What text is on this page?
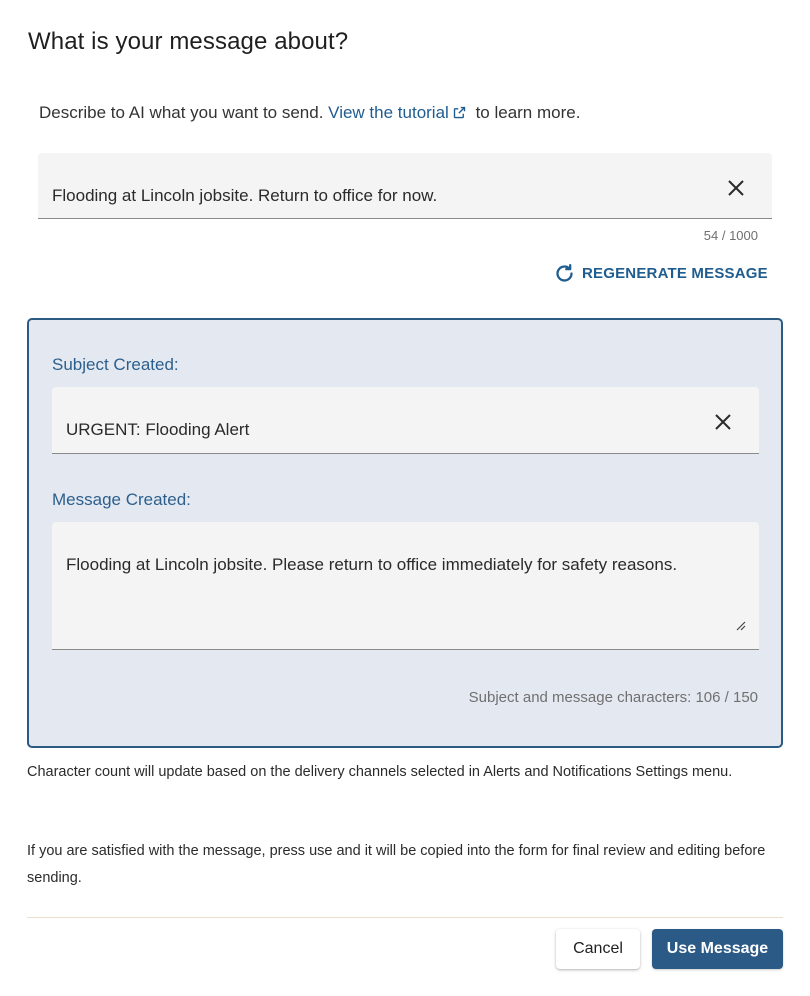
What is your message about?
Describe to AI what you want to send. View the tutorial to learn more.
Flooding at Lincoln jobsite. Return to office for now.
54 / 1000
REGENERATE MESSAGE
Subject Created:
URGENT: Flooding Alert
Message Created:
Flooding at Lincoln jobsite. Please return to office immediately for safety reasons.
Subject and message characters: 106 / 150

Character count will update based on the delivery channels selected in Alerts and Notifications Settings menu.

If you are satisfied with the message, press use and it will be copied into the form for final review and editing before sending.

Cancel	Use Message
